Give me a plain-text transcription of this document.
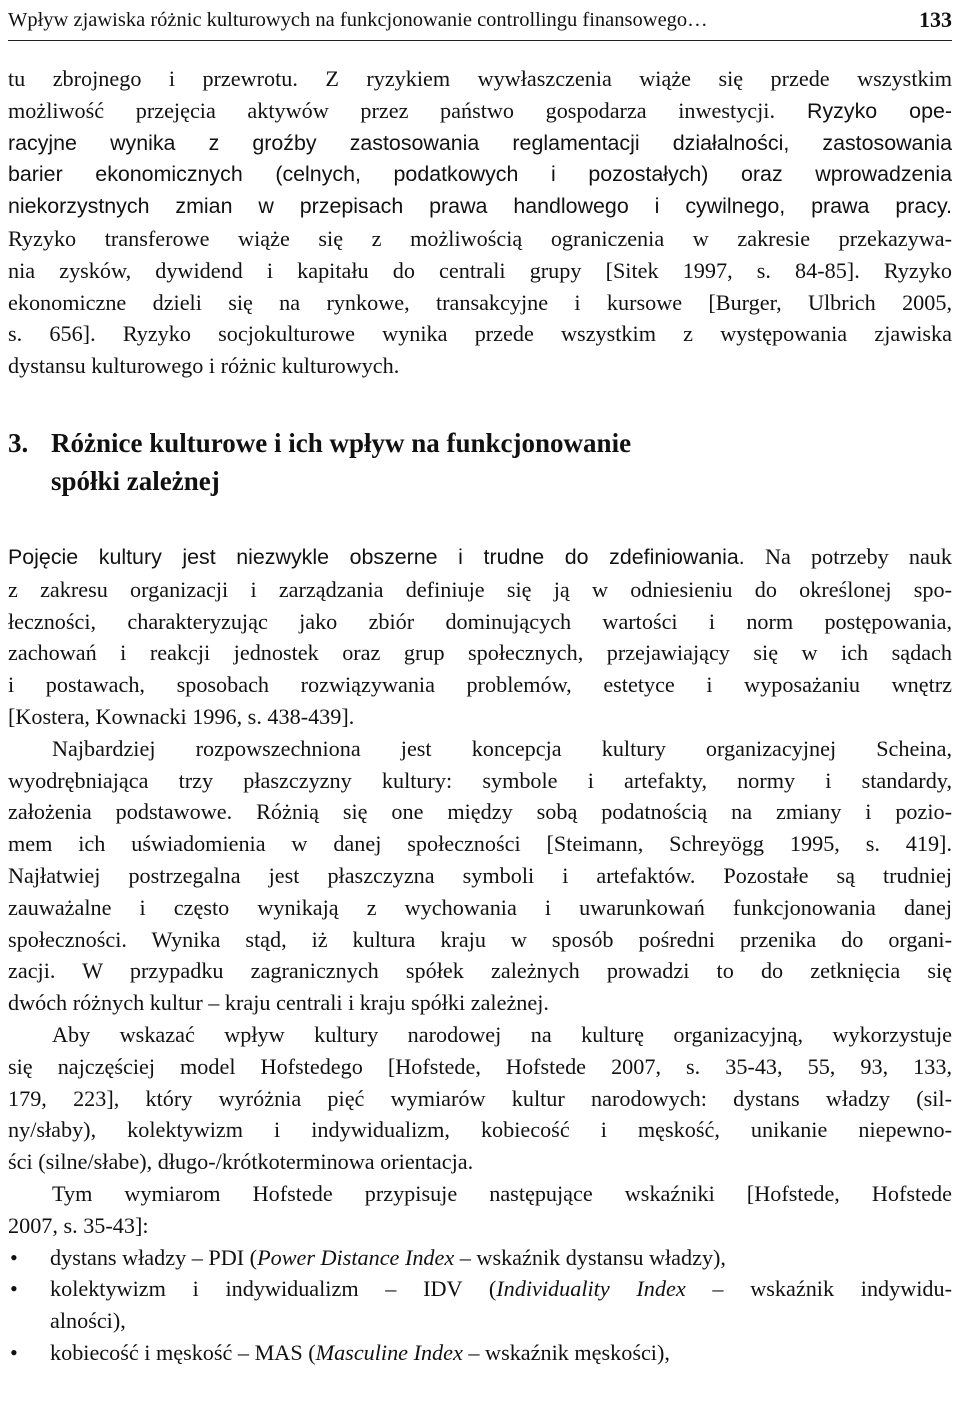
Wpływ zjawiska różnic kulturowych na funkcjonowanie controllingu finansowego…	133

tu zbrojnego i przewrotu. Z ryzykiem wywłaszczenia wiąże się przede wszystkim

możliwość przejęcia aktywów przez państwo gospodarza inwestycji. Ryzyko ope-

racyjne wynika z groźby zastosowania reglamentacji działalności, zastosowania
barier ekonomicznych (celnych, podatkowych i pozostałych) oraz wprowadzenia
niekorzystnych zmian w przepisach prawa handlowego i cywilnego, prawa pracy.

Ryzyko transferowe wiąże się z możliwością ograniczenia w zakresie przekazywa-
nia zysków, dywidend i kapitału do centrali grupy [Sitek 1997, s. 84-85]. Ryzyko
ekonomiczne dzieli się na rynkowe, transakcyjne i kursowe [Burger, Ulbrich 2005,
s. 656]. Ryzyko socjokulturowe wynika przede wszystkim z występowania zjawiska
dystansu kulturowego i różnic kulturowych.

3. Różnice kulturowe i ich wpływ na funkcjonowanie
spółki zależnej

Pojęcie kultury jest niezwykle obszerne i trudne do zdefiniowania. Na potrzeby nauk

z zakresu organizacji i zarządzania definiuje się ją w odniesieniu do określonej spo-
łeczności, charakteryzując jako zbiór dominujących wartości i norm postępowania,
zachowań i reakcji jednostek oraz grup społecznych, przejawiający się w ich sądach
i postawach, sposobach rozwiązywania problemów, estetyce i wyposażaniu wnętrz
[Kostera, Kownacki 1996, s. 438-439].

Najbardziej rozpowszechniona jest koncepcja kultury organizacyjnej Scheina,
wyodrębniająca trzy płaszczyzny kultury: symbole i artefakty, normy i standardy,
założenia podstawowe. Różnią się one między sobą podatnością na zmiany i pozio-
mem ich uświadomienia w danej społeczności [Steimann, Schreyögg 1995, s. 419].
Najłatwiej postrzegalna jest płaszczyzna symboli i artefaktów. Pozostałe są trudniej
zauważalne i często wynikają z wychowania i uwarunkowań funkcjonowania danej
społeczności. Wynika stąd, iż kultura kraju w sposób pośredni przenika do organi-
zacji. W przypadku zagranicznych spółek zależnych prowadzi to do zetknięcia się
dwóch różnych kultur – kraju centrali i kraju spółki zależnej.

Aby wskazać wpływ kultury narodowej na kulturę organizacyjną, wykorzystuje
się najczęściej model Hofstedego [Hofstede, Hofstede 2007, s. 35-43, 55, 93, 133,
179, 223], który wyróżnia pięć wymiarów kultur narodowych: dystans władzy (sil-
ny/słaby), kolektywizm i indywidualizm, kobiecość i męskość, unikanie niepewno-
ści (silne/słabe), długo-/krótkoterminowa orientacja.

Tym wymiarom Hofstede przypisuje następujące wskaźniki [Hofstede, Hofstede
2007, s. 35-43]:

• dystans władzy – PDI (Power Distance Index – wskaźnik dystansu władzy),
• kolektywizm i indywidualizm – IDV (Individuality Index – wskaźnik indywidu-
alności),
• kobiecość i męskość – MAS (Masculine Index – wskaźnik męskości),
